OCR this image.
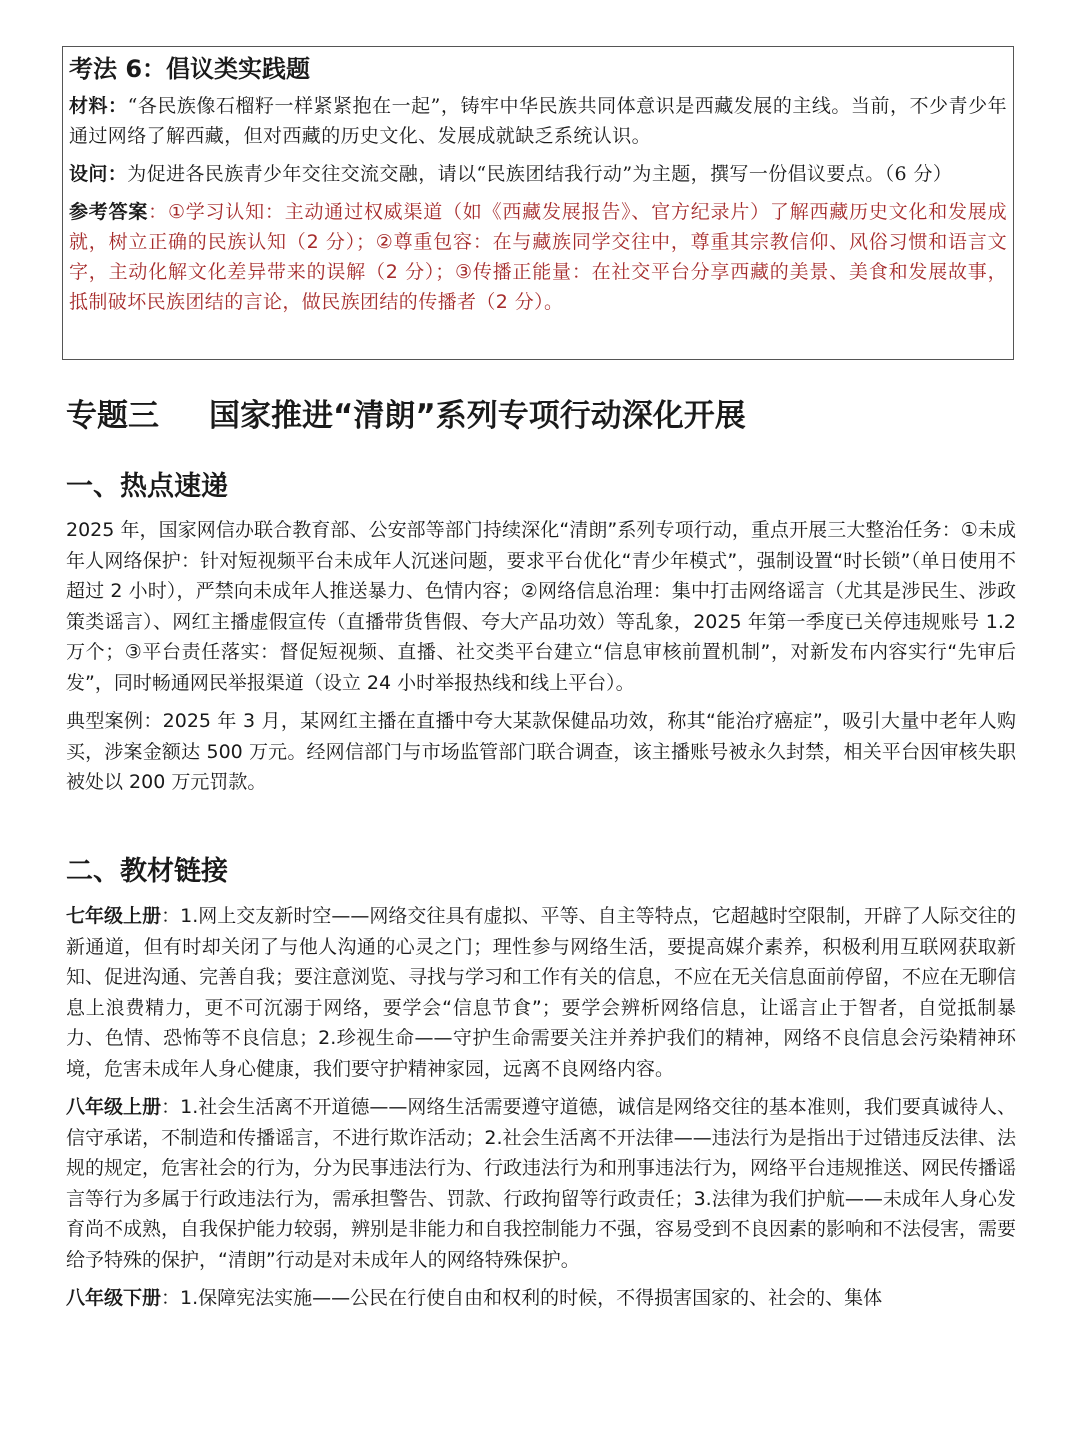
考法 6：倡议类实践题

材料：“各民族像石榴籽一样紧紧抱在一起”，铸牢中华民族共同体意识是西藏发展的主线。当前，不少青少年通过网络了解西藏，但对西藏的历史文化、发展成就缺乏系统认识。

设问：为促进各民族青少年交往交流交融，请以“民族团结我行动”为主题，撰写一份倡议要点。（6 分）

参考答案：①学习认知：主动通过权威渠道（如《西藏发展报告》、官方纪录片）了解西藏历史文化和发展成就，树立正确的民族认知（2 分）；②尊重包容：在与藏族同学交往中，尊重其宗教信仰、风俗习惯和语言文字，主动化解文化差异带来的误解（2 分）；③传播正能量：在社交平台分享西藏的美景、美食和发展故事，抵制破坏民族团结的言论，做民族团结的传播者（2 分）。

专题三 国家推进“清朗”系列专项行动深化开展
一、热点速递

2025 年，国家网信办联合教育部、公安部等部门持续深化“清朗”系列专项行动，重点开展三大整治任务：①未成年人网络保护：针对短视频平台未成年人沉迷问题，要求平台优化“青少年模式”，强制设置“时长锁”（单日使用不超过 2 小时），严禁向未成年人推送暴力、色情内容；②网络信息治理：集中打击网络谣言（尤其是涉民生、涉政策类谣言）、网红主播虚假宣传（直播带货售假、夸大产品功效）等乱象，2025 年第一季度已关停违规账号 1.2 万个；③平台责任落实：督促短视频、直播、社交类平台建立“信息审核前置机制”，对新发布内容实行“先审后发”，同时畅通网民举报渠道（设立 24 小时举报热线和线上平台）。

典型案例：2025 年 3 月，某网红主播在直播中夸大某款保健品功效，称其“能治疗癌症”，吸引大量中老年人购买，涉案金额达 500 万元。经网信部门与市场监管部门联合调查，该主播账号被永久封禁，相关平台因审核失职被处以 200 万元罚款。

二、教材链接

七年级上册：1.网上交友新时空——网络交往具有虚拟、平等、自主等特点，它超越时空限制，开辟了人际交往的新通道，但有时却关闭了与他人沟通的心灵之门；理性参与网络生活，要提高媒介素养，积极利用互联网获取新知、促进沟通、完善自我；要注意浏览、寻找与学习和工作有关的信息，不应在无关信息面前停留，不应在无聊信息上浪费精力，更不可沉溺于网络，要学会“信息节食”；要学会辨析网络信息，让谣言止于智者，自觉抵制暴力、色情、恐怖等不良信息；2.珍视生命——守护生命需要关注并养护我们的精神，网络不良信息会污染精神环境，危害未成年人身心健康，我们要守护精神家园，远离不良网络内容。

八年级上册：1.社会生活离不开道德——网络生活需要遵守道德，诚信是网络交往的基本准则，我们要真诚待人、信守承诺，不制造和传播谣言，不进行欺诈活动；2.社会生活离不开法律——违法行为是指出于过错违反法律、法规的规定，危害社会的行为，分为民事违法行为、行政违法行为和刑事违法行为，网络平台违规推送、网民传播谣言等行为多属于行政违法行为，需承担警告、罚款、行政拘留等行政责任；3.法律为我们护航——未成年人身心发育尚不成熟，自我保护能力较弱，辨别是非能力和自我控制能力不强，容易受到不良因素的影响和不法侵害，需要给予特殊的保护，“清朗”行动是对未成年人的网络特殊保护。

八年级下册：1.保障宪法实施——公民在行使自由和权利的时候，不得损害国家的、社会的、集体
